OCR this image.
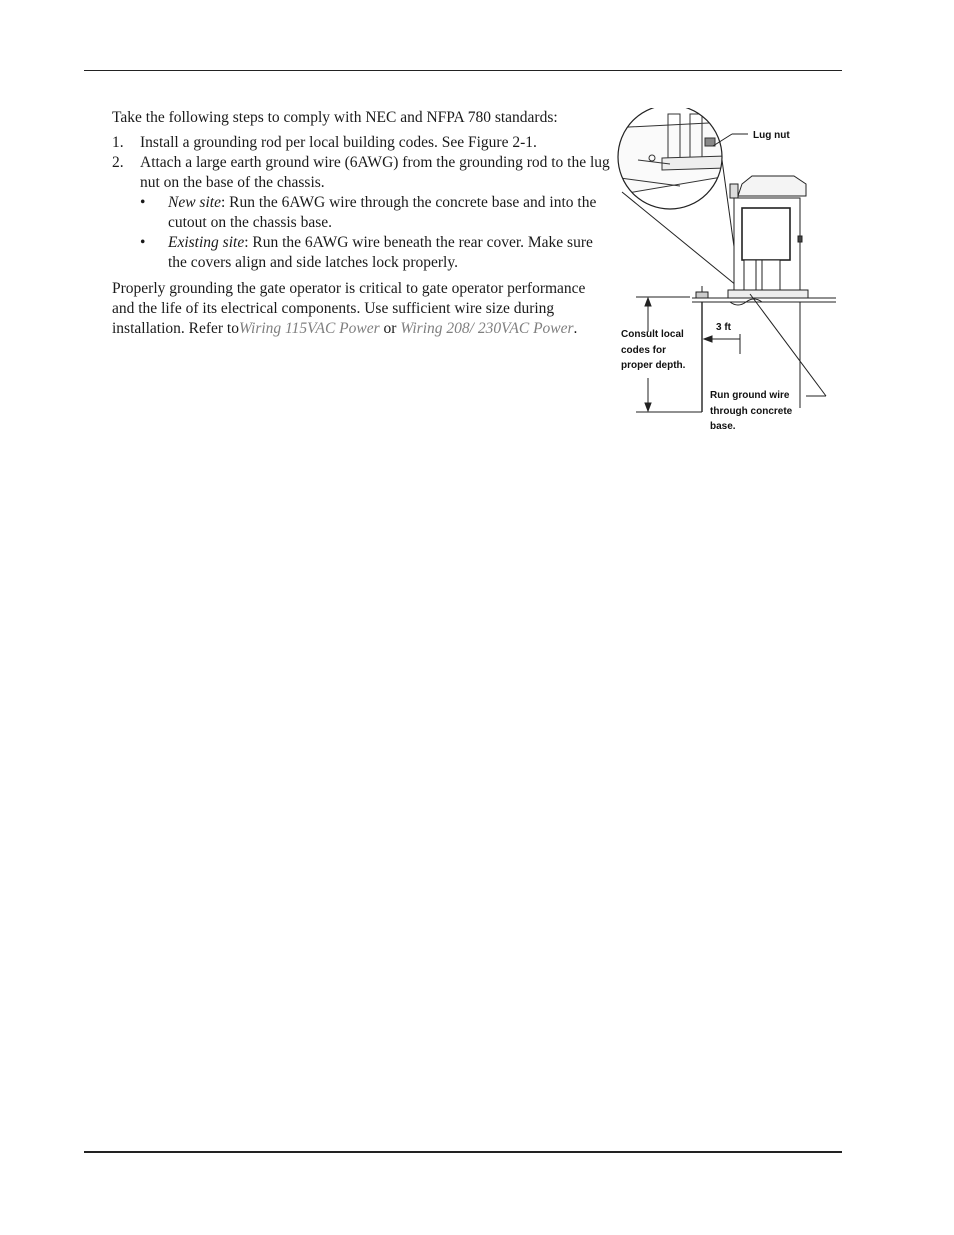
Take the following steps to comply with NEC and NFPA 780 standards:

1. Install a grounding rod per local building codes. See Figure 2-1.

2. Attach a large earth ground wire (6AWG) from the grounding rod to the lug nut on the base of the chassis.

• New site: Run the 6AWG wire through the concrete base and into the cutout on the chassis base.

• Existing site: Run the 6AWG wire beneath the rear cover. Make sure the covers align and side latches lock properly.

Properly grounding the gate operator is critical to gate operator performance and the life of its electrical components. Use sufficient wire size during installation. Refer toWiring 115VAC Power or Wiring 208/ 230VAC Power.

Lug nut
3 ft
Consult local
codes for
proper depth.
Run ground wire
through concrete
base.
